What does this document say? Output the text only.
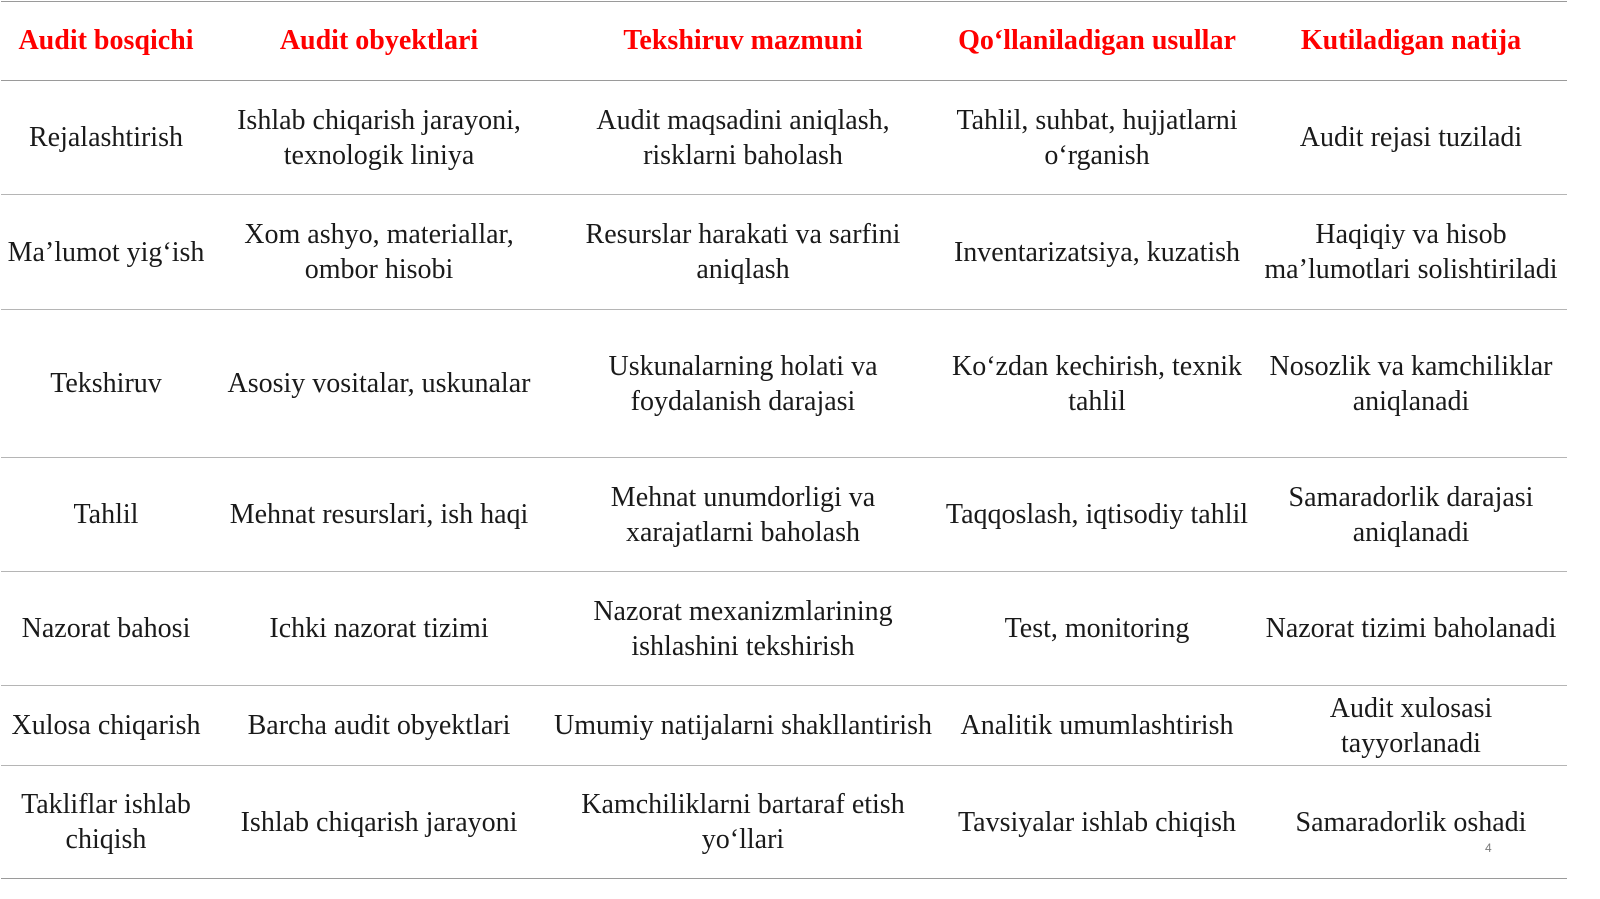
Audit bosqichi	Audit obyektlari	Tekshiruv mazmuni	Qo‘llaniladigan usullar	Kutiladigan natija
Rejalashtirish	Ishlab chiqarish jarayoni, texnologik liniya	Audit maqsadini aniqlash, risklarni baholash	Tahlil, suhbat, hujjatlarni o‘rganish	Audit rejasi tuziladi
Ma’lumot yig‘ish	Xom ashyo, materiallar, ombor hisobi	Resurslar harakati va sarfini aniqlash	Inventarizatsiya, kuzatish	Haqiqiy va hisob ma’lumotlari solishtiriladi
Tekshiruv	Asosiy vositalar, uskunalar	Uskunalarning holati va foydalanish darajasi	Ko‘zdan kechirish, texnik tahlil	Nosozlik va kamchiliklar aniqlanadi
Tahlil	Mehnat resurslari, ish haqi	Mehnat unumdorligi va xarajatlarni baholash	Taqqoslash, iqtisodiy tahlil	Samaradorlik darajasi aniqlanadi
Nazorat bahosi	Ichki nazorat tizimi	Nazorat mexanizmlarining ishlashini tekshirish	Test, monitoring	Nazorat tizimi baholanadi
Xulosa chiqarish	Barcha audit obyektlari	Umumiy natijalarni shakllantirish	Analitik umumlashtirish	Audit xulosasi tayyorlanadi
Takliflar ishlab chiqish	Ishlab chiqarish jarayoni	Kamchiliklarni bartaraf etish yo‘llari	Tavsiyalar ishlab chiqish	Samaradorlik oshadi
4
